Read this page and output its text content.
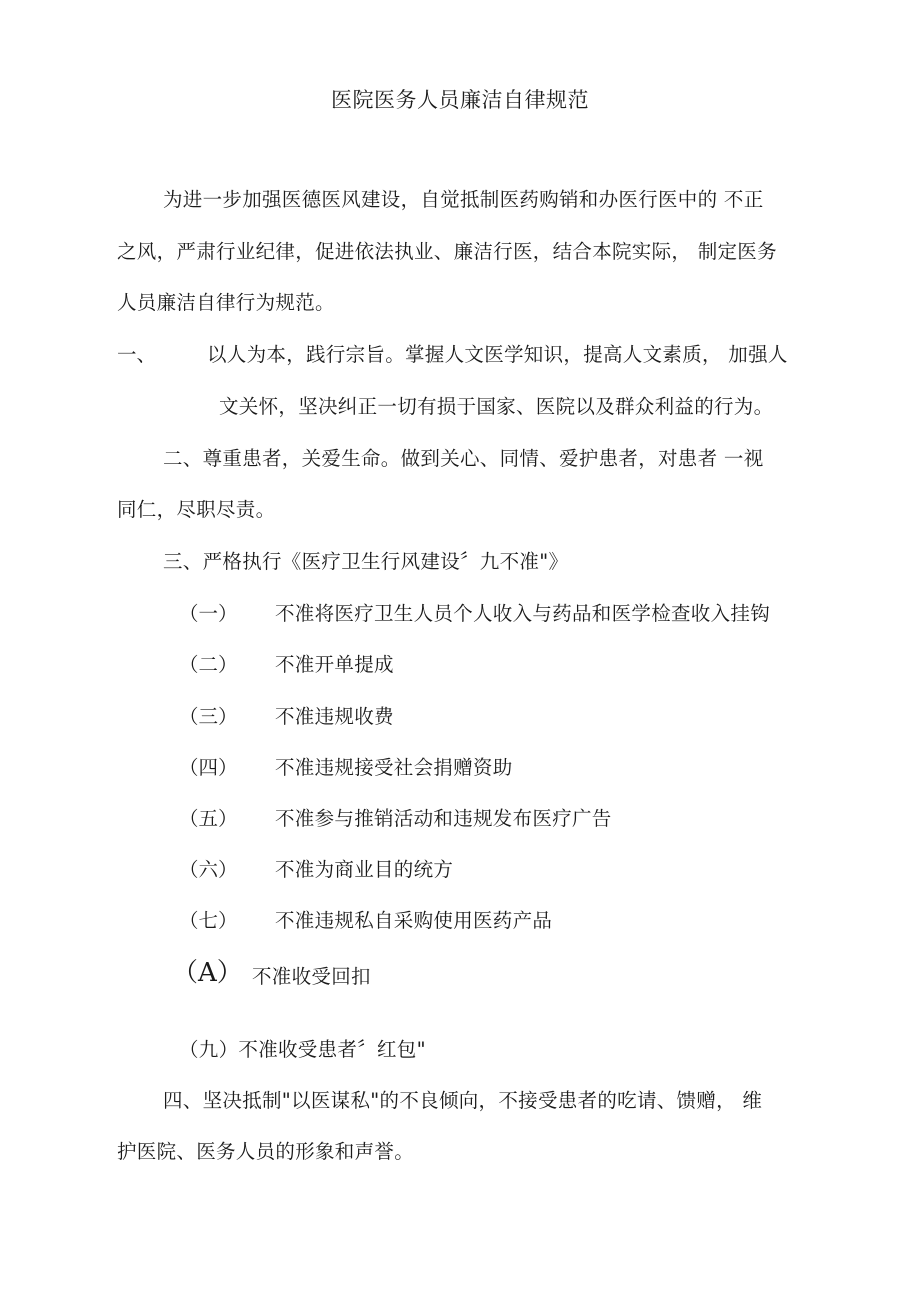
医院医务人员廉洁自律规范
为进一步加强医德医风建设，自觉抵制医药购销和办医行医中的 不正
之风，严肃行业纪律，促进依法执业、廉洁行医，结合本院实际， 制定医务
人员廉洁自律行为规范。
一、	以人为本，践行宗旨。掌握人文医学知识，提高人文素质， 加强人
文关怀，坚决纠正一切有损于国家、医院以及群众利益的行为。
二、尊重患者，关爱生命。做到关心、同情、爱护患者，对患者 一视
同仁，尽职尽责。
三、严格执行《医疗卫生行风建设〞九不准"》
（一） 不准将医疗卫生人员个人收入与药品和医学检查收入挂钩
（二） 不准开单提成
（三） 不准违规收费
（四） 不准违规接受社会捐赠资助
（五） 不准参与推销活动和违规发布医疗广告
（六） 不准为商业目的统方
（七） 不准违规私自采购使用医药产品
（A） 不准收受回扣
（九）不准收受患者〞红包"
四、坚决抵制"以医谋私"的不良倾向，不接受患者的吃请、馈赠， 维
护医院、医务人员的形象和声誉。
